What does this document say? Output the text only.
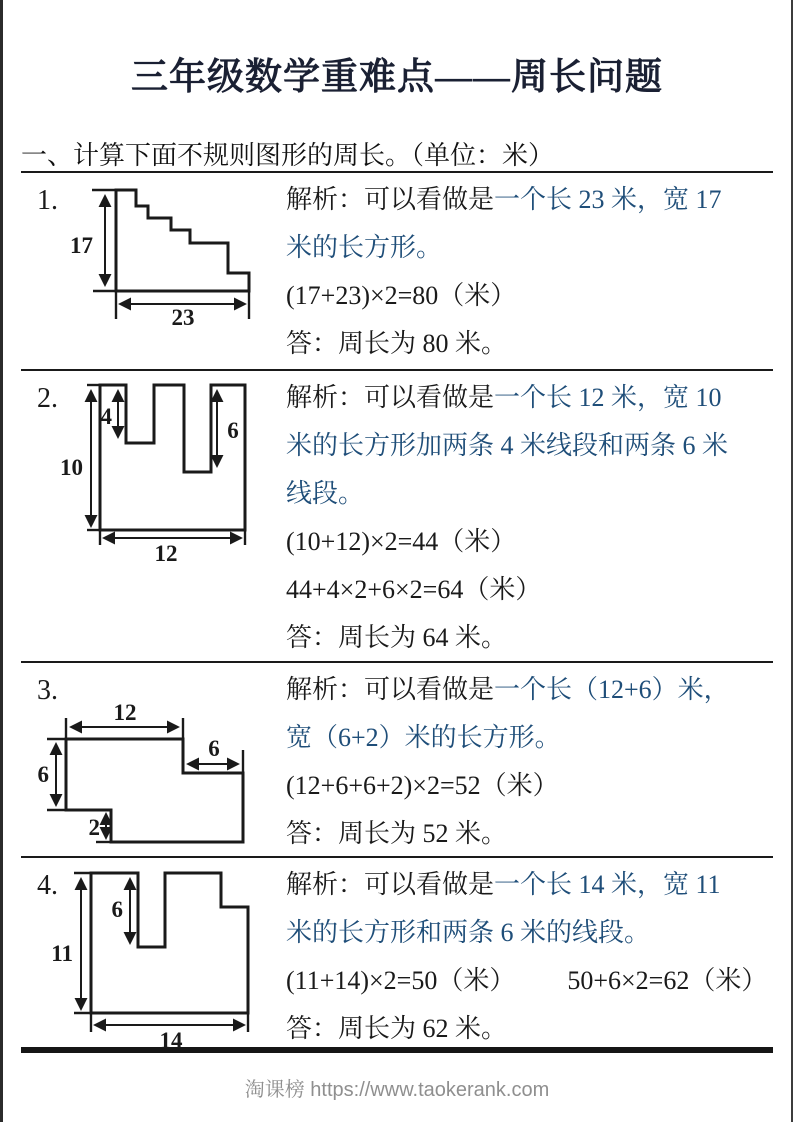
三年级数学重难点——周长问题
一、计算下面不规则图形的周长。（单位：米）
1.
17
23
解析：可以看做是一个长 23 米，宽 17
米的长方形。
(17+23)×2=80（米）
答：周长为 80 米。
2.
4
6
10
12
解析：可以看做是一个长 12 米，宽 10
米的长方形加两条 4 米线段和两条 6 米
线段。
(10+12)×2=44（米）
44+4×2+6×2=64（米）
答：周长为 64 米。
3.
12
6
6
2
解析：可以看做是一个长（12+6）米，
宽（6+2）米的长方形。
(12+6+6+2)×2=52（米）
答：周长为 52 米。
4.
6
11
14
解析：可以看做是一个长 14 米，宽 11
米的长方形和两条 6 米的线段。
(11+14)×2=50（米） 50+6×2=62（米）
答：周长为 62 米。
淘课榜 https://www.taokerank.com
